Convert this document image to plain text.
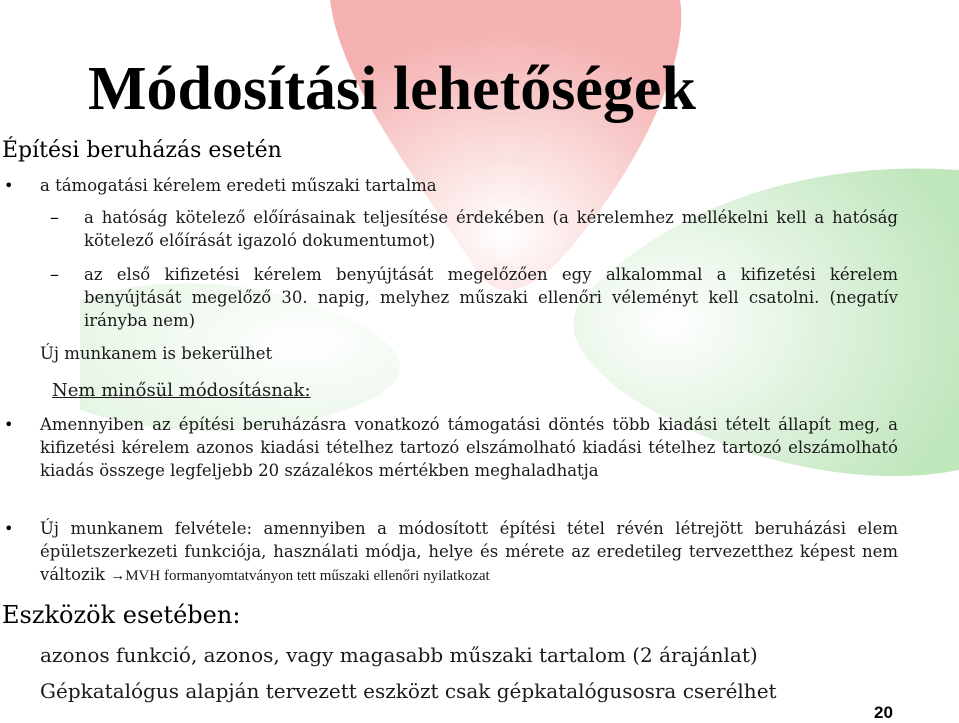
Módosítási lehetőségek
Építési beruházás esetén
• a támogatási kérelem eredeti műszaki tartalma

– a hatóság kötelező előírásainak teljesítése érdekében (a kérelemhez mellékelni kell a hatóság kötelező előírását igazoló dokumentumot)

– az első kifizetési kérelem benyújtását megelőzően egy alkalommal a kifizetési kérelem benyújtását megelőző 30. napig, melyhez műszaki ellenőri véleményt kell csatolni. (negatív irányba nem)

Új munkanem is bekerülhet

Nem minősül módosításnak:

• Amennyiben az építési beruházásra vonatkozó támogatási döntés több kiadási tételt állapít meg, a kifizetési kérelem azonos kiadási tételhez tartozó elszámolható kiadási tételhez tartozó elszámolható kiadás összege legfeljebb 20 százalékos mértékben meghaladhatja

• Új munkanem felvétele: amennyiben a módosított építési tétel révén létrejött beruházási elem épületszerkezeti funkciója, használati módja, helye és mérete az eredetileg tervezetthez képest nem változik →MVH formanyomtatványon tett műszaki ellenőri nyilatkozat

Eszközök esetében:

azonos funkció, azonos, vagy magasabb műszaki tartalom (2 árajánlat)

Gépkatalógus alapján tervezett eszközt csak gépkatalógusosra cserélhet

20
